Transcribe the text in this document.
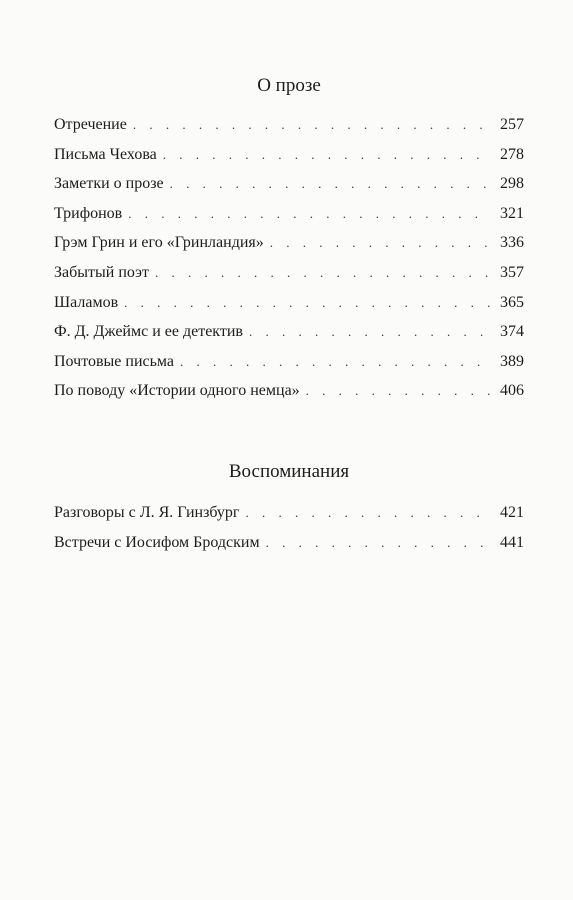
О прозе
Отречение . . .	257
Письма Чехова . . .	278
Заметки о прозе . . .	298
Трифонов . . .	321
Грэм Грин и его «Гринландия» . . .	336
Забытый поэт . . .	357
Шаламов . . .	365
Ф. Д. Джеймс и ее детектив . . .	374
Почтовые письма . . .	389
По поводу «Истории одного немца» . . .	406
Воспоминания
Разговоры с Л. Я. Гинзбург . . .	421
Встречи с Иосифом Бродским . . .	441
